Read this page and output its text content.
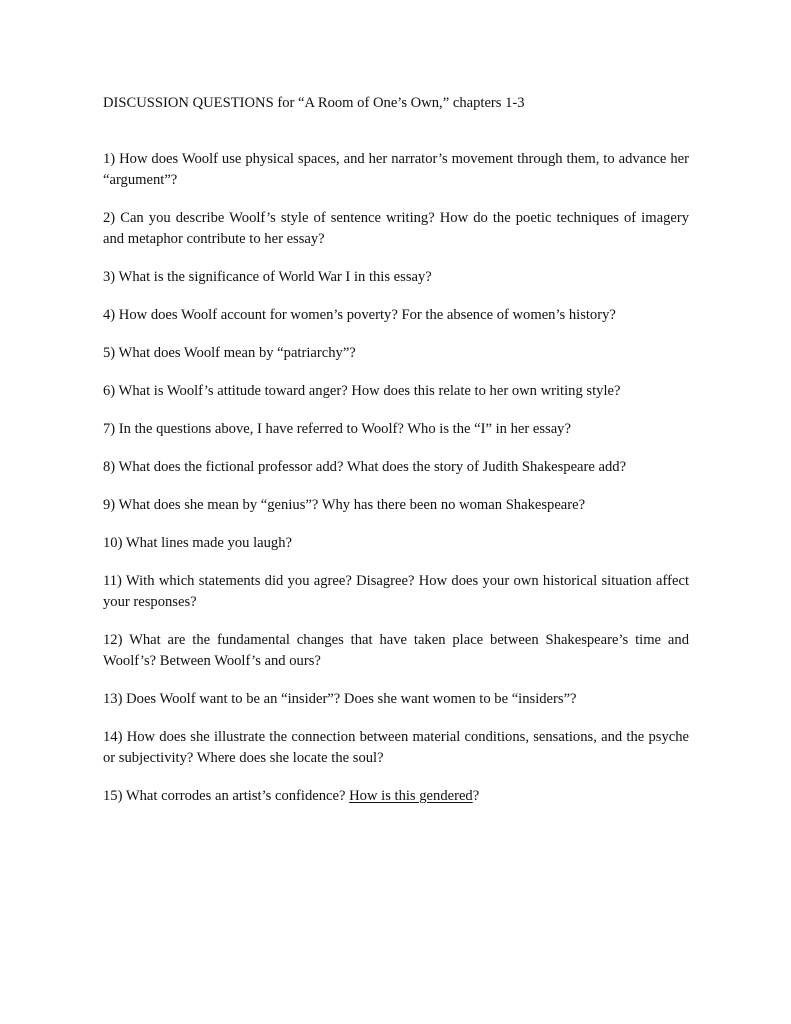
DISCUSSION QUESTIONS for “A Room of One’s Own,” chapters 1-3

1) How does Woolf use physical spaces, and her narrator’s movement through them, to advance her “argument”?

2) Can you describe Woolf’s style of sentence writing? How do the poetic techniques of imagery and metaphor contribute to her essay?

3) What is the significance of World War I in this essay?

4) How does Woolf account for women’s poverty? For the absence of women’s history?

5) What does Woolf mean by “patriarchy”?

6) What is Woolf’s attitude toward anger? How does this relate to her own writing style?

7) In the questions above, I have referred to Woolf? Who is the “I” in her essay?

8) What does the fictional professor add? What does the story of Judith Shakespeare add?

9) What does she mean by “genius”? Why has there been no woman Shakespeare?

10) What lines made you laugh?

11) With which statements did you agree? Disagree? How does your own historical situation affect your responses?

12) What are the fundamental changes that have taken place between Shakespeare’s time and Woolf’s? Between Woolf’s and ours?

13) Does Woolf want to be an “insider”? Does she want women to be “insiders”?

14) How does she illustrate the connection between material conditions, sensations, and the psyche or subjectivity? Where does she locate the soul?

15) What corrodes an artist’s confidence? How is this gendered?
